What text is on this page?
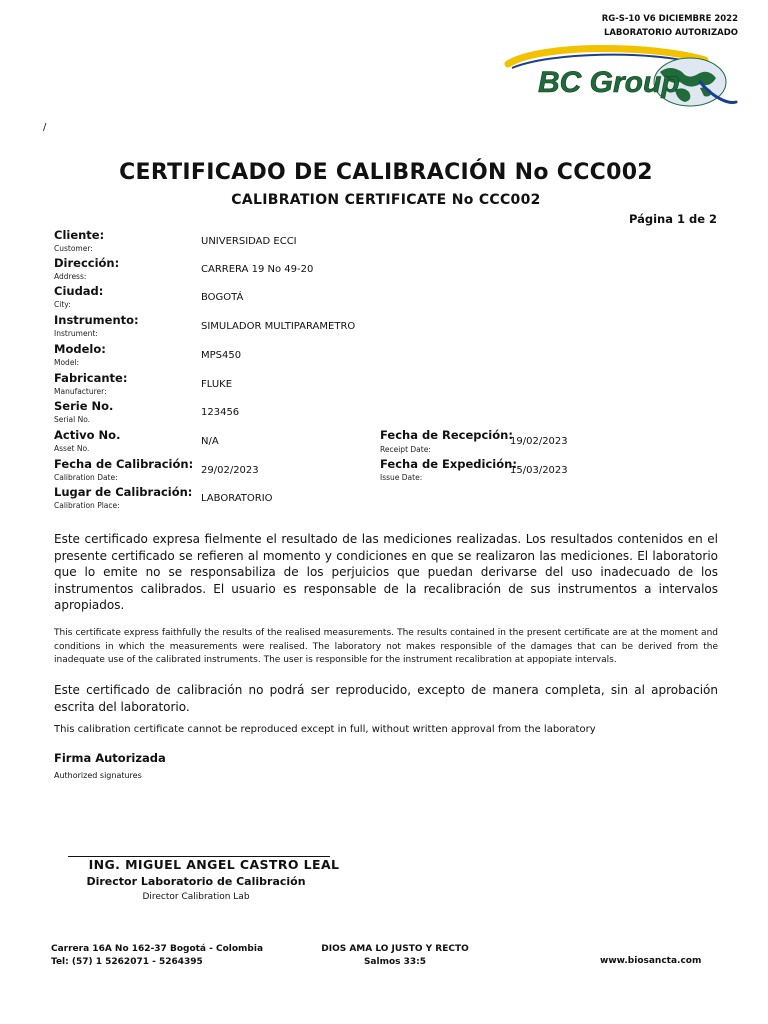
RG-S-10 V6 DICIEMBRE 2022
LABORATORIO AUTORIZADO
BC Group
/
CERTIFICADO DE CALIBRACIÓN No CCC002
CALIBRATION CERTIFICATE No CCC002
Página 1 de 2
Cliente:
Customer:
UNIVERSIDAD ECCI
Dirección:
Address:
CARRERA 19 No 49-20
Ciudad:
City:
BOGOTÁ
Instrumento:
Instrument:
SIMULADOR MULTIPARAMETRO
Modelo:
Model:
MPS450
Fabricante:
Manufacturer:
FLUKE
Serie No.
Serial No.
123456
Activo No.
Asset No.
N/A
Fecha de Calibración:
Calibration Date:
29/02/2023
Lugar de Calibración:
Calibration Place:
LABORATORIO
Fecha de Recepción:
Receipt Date:
19/02/2023
Fecha de Expedición:
Issue Date:
15/03/2023
Este certificado expresa fielmente el resultado de las mediciones realizadas. Los resultados contenidos en el presente certificado se refieren al momento y condiciones en que se realizaron las mediciones. El laboratorio que lo emite no se responsabiliza de los perjuicios que puedan derivarse del uso inadecuado de los instrumentos calibrados. El usuario es responsable de la recalibración de sus instrumentos a intervalos apropiados.
This certificate express faithfully the results of the realised measurements. The results contained in the present certificate are at the moment and conditions in which the measurements were realised. The laboratory not makes responsible of the damages that can be derived from the inadequate use of the calibrated instruments. The user is responsible for the instrument recalibration at appopiate intervals.
Este certificado de calibración no podrá ser reproducido, excepto de manera completa, sin al aprobación escrita del laboratorio.
This calibration certificate cannot be reproduced except in full, without written approval from the laboratory
Firma Autorizada
Authorized signatures
ING. MIGUEL ANGEL CASTRO LEAL
Director Laboratorio de Calibración
Director Calibration Lab
Carrera 16A No 162-37 Bogotá - Colombia
Tel: (57) 1 5262071 - 5264395
DIOS AMA LO JUSTO Y RECTO
Salmos 33:5	www.biosancta.com
